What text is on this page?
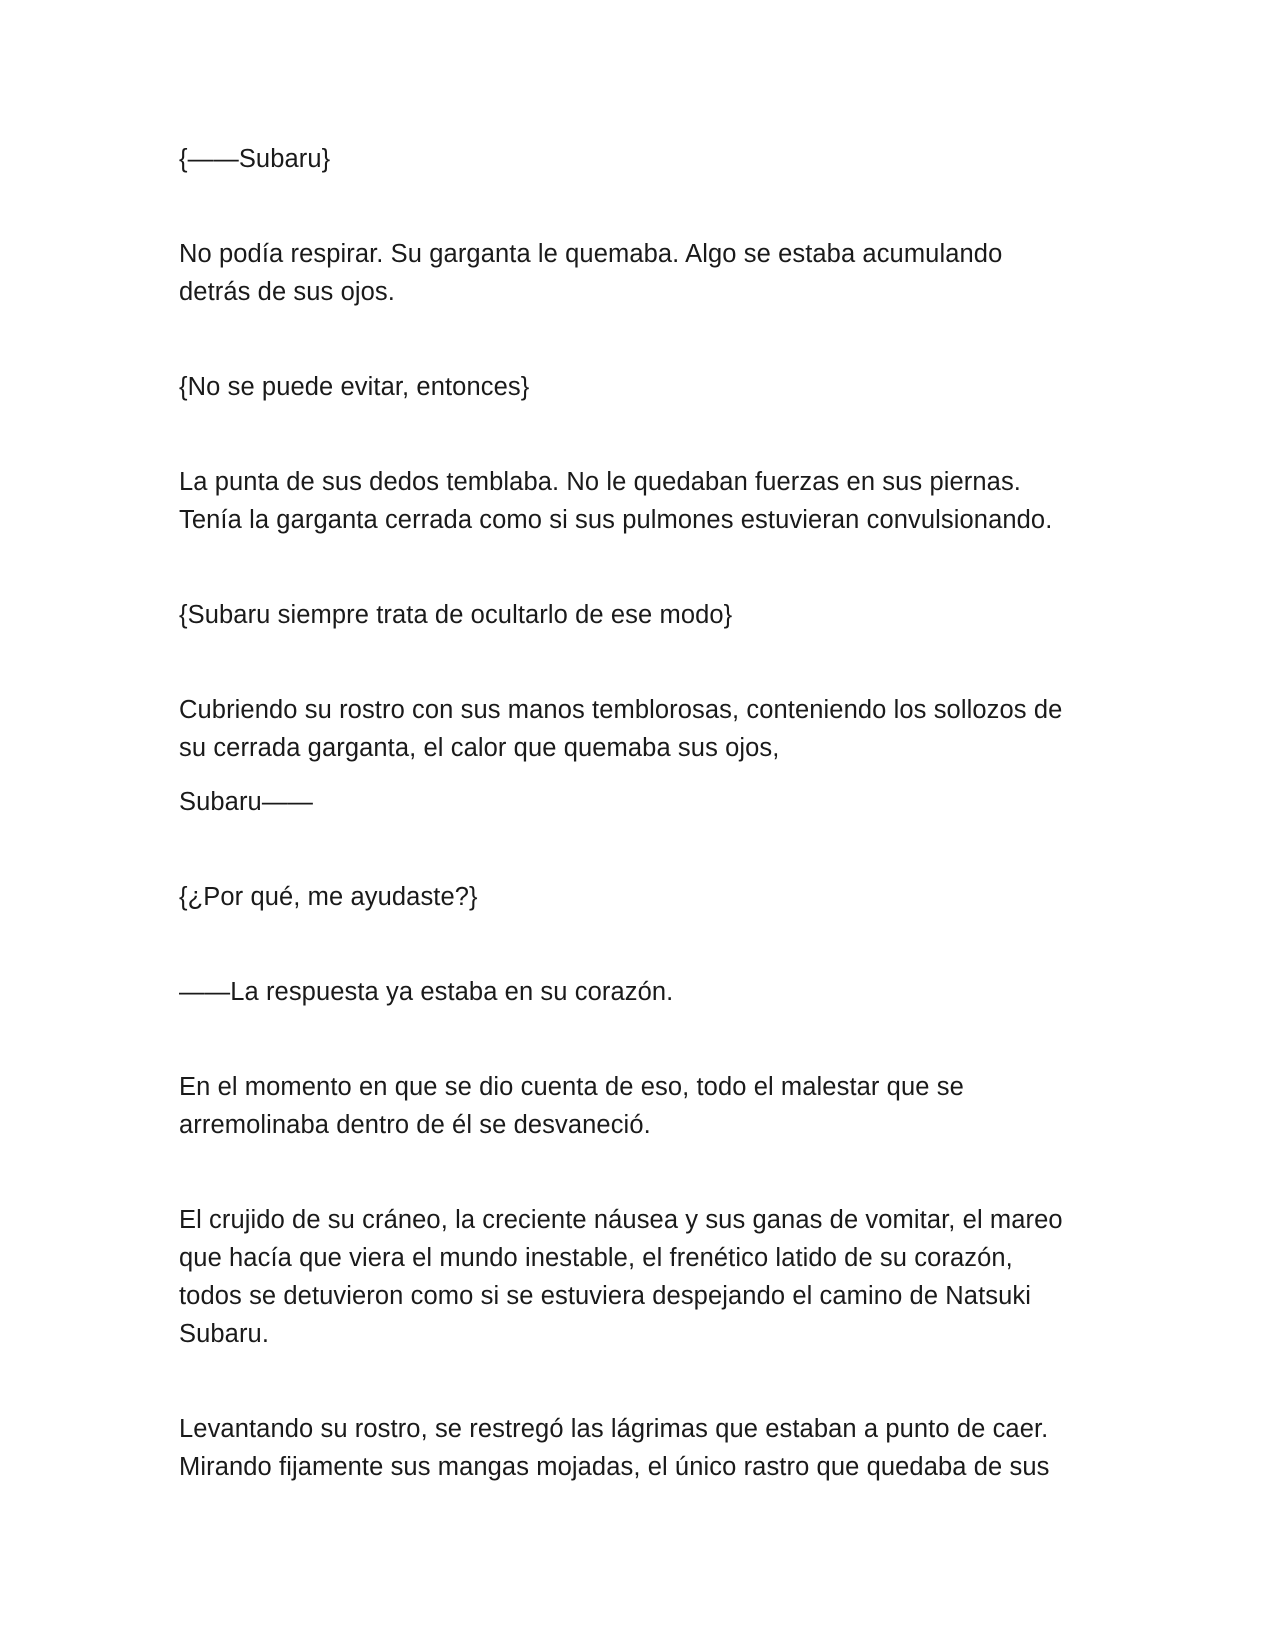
{——Subaru}

No podía respirar. Su garganta le quemaba. Algo se estaba acumulando
detrás de sus ojos.

{No se puede evitar, entonces}

La punta de sus dedos temblaba. No le quedaban fuerzas en sus piernas.
Tenía la garganta cerrada como si sus pulmones estuvieran convulsionando.

{Subaru siempre trata de ocultarlo de ese modo}

Cubriendo su rostro con sus manos temblorosas, conteniendo los sollozos de
su cerrada garganta, el calor que quemaba sus ojos,

Subaru——

{¿Por qué, me ayudaste?}

——La respuesta ya estaba en su corazón.

En el momento en que se dio cuenta de eso, todo el malestar que se
arremolinaba dentro de él se desvaneció.

El crujido de su cráneo, la creciente náusea y sus ganas de vomitar, el mareo
que hacía que viera el mundo inestable, el frenético latido de su corazón,
todos se detuvieron como si se estuviera despejando el camino de Natsuki
Subaru.

Levantando su rostro, se restregó las lágrimas que estaban a punto de caer.
Mirando fijamente sus mangas mojadas, el único rastro que quedaba de sus
